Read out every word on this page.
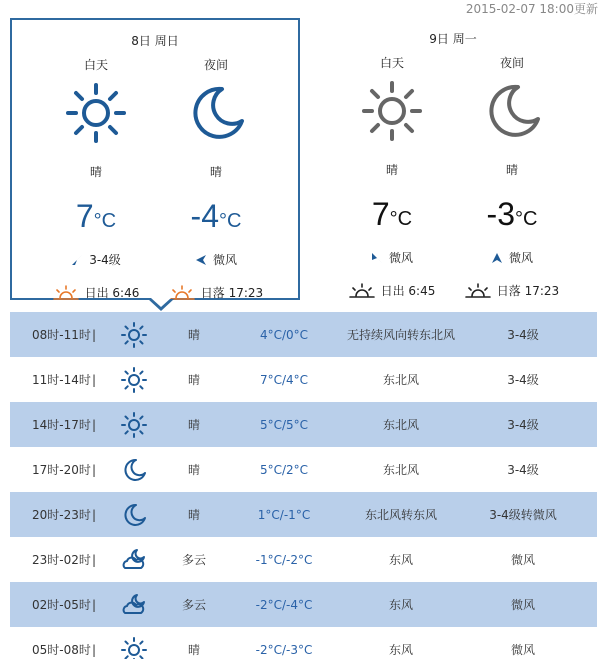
2015-02-07 18:00更新
8日 周日
白天
晴
7°C
3-4级
日出 6:46
夜间
晴
-4°C
微风
日落 17:23
9日 周一
白天
晴
7°C
微风
日出 6:45
夜间
晴
-3°C
微风
日落 17:23
08时-11时 |	晴	4°C/0°C	无持续风向转东北风	3-4级
11时-14时 |	晴	7°C/4°C	东北风	3-4级
14时-17时 |	晴	5°C/5°C	东北风	3-4级
17时-20时 |	晴	5°C/2°C	东北风	3-4级
20时-23时 |	晴	1°C/-1°C	东北风转东风	3-4级转微风
23时-02时 |	多云	-1°C/-2°C	东风	微风
02时-05时 |	多云	-2°C/-4°C	东风	微风
05时-08时 |	晴	-2°C/-3°C	东风	微风
